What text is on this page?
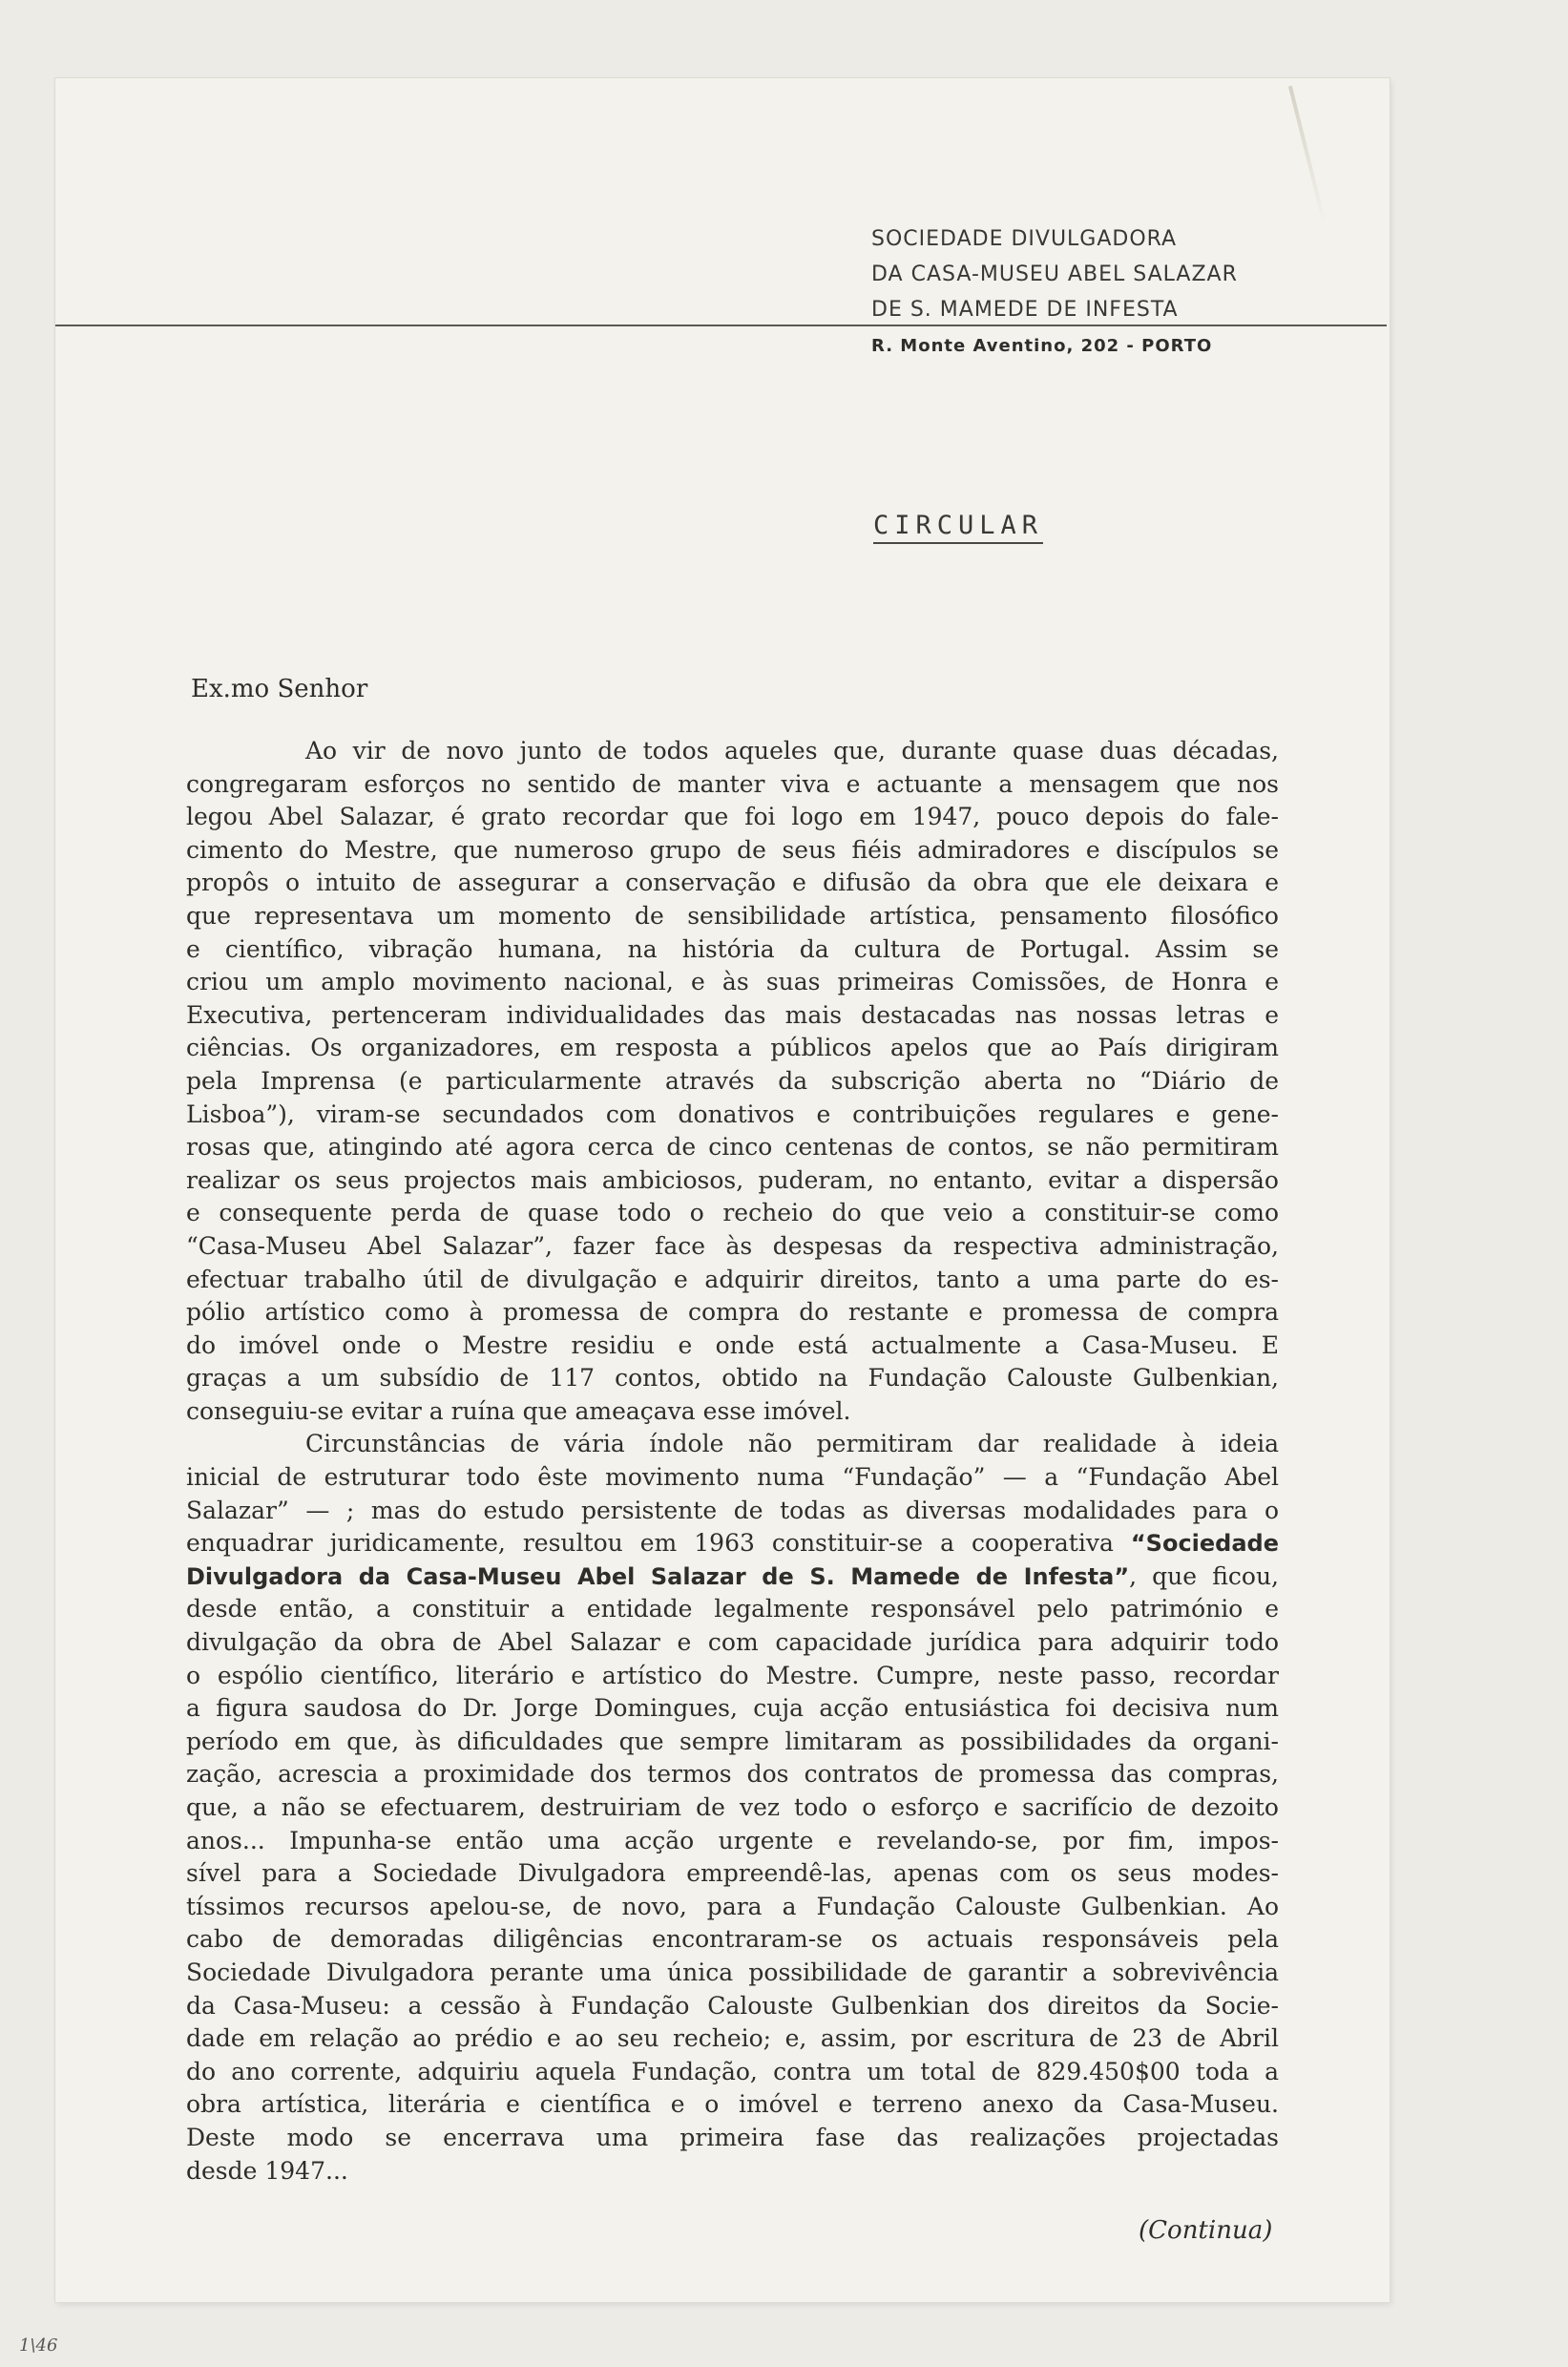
SOCIEDADE DIVULGADORA
DA CASA-MUSEU ABEL SALAZAR
DE S. MAMEDE DE INFESTA
R. Monte Aventino, 202 - PORTO
CIRCULAR
Ex.mo Senhor
Ao vir de novo junto de todos aqueles que, durante quase duas décadas,
congregaram esforços no sentido de manter viva e actuante a mensagem que nos
legou Abel Salazar, é grato recordar que foi logo em 1947, pouco depois do fale-
cimento do Mestre, que numeroso grupo de seus fiéis admiradores e discípulos se
propôs o intuito de assegurar a conservação e difusão da obra que ele deixara e
que representava um momento de sensibilidade artística, pensamento filosófico
e científico, vibração humana, na história da cultura de Portugal. Assim se
criou um amplo movimento nacional, e às suas primeiras Comissões, de Honra e
Executiva, pertenceram individualidades das mais destacadas nas nossas letras e
ciências. Os organizadores, em resposta a públicos apelos que ao País dirigiram
pela Imprensa (e particularmente através da subscrição aberta no “Diário de
Lisboa”), viram-se secundados com donativos e contribuições regulares e gene-
rosas que, atingindo até agora cerca de cinco centenas de contos, se não permitiram
realizar os seus projectos mais ambiciosos, puderam, no entanto, evitar a dispersão
e consequente perda de quase todo o recheio do que veio a constituir-se como
“Casa-Museu Abel Salazar”, fazer face às despesas da respectiva administração,
efectuar trabalho útil de divulgação e adquirir direitos, tanto a uma parte do es-
pólio artístico como à promessa de compra do restante e promessa de compra
do imóvel onde o Mestre residiu e onde está actualmente a Casa-Museu. E
graças a um subsídio de 117 contos, obtido na Fundação Calouste Gulbenkian,
conseguiu-se evitar a ruína que ameaçava esse imóvel.
Circunstâncias de vária índole não permitiram dar realidade à ideia
inicial de estruturar todo êste movimento numa “Fundação” — a “Fundação Abel
Salazar” — ; mas do estudo persistente de todas as diversas modalidades para o
enquadrar juridicamente, resultou em 1963 constituir-se a cooperativa “Sociedade
Divulgadora da Casa-Museu Abel Salazar de S. Mamede de Infesta”, que ficou,
desde então, a constituir a entidade legalmente responsável pelo património e
divulgação da obra de Abel Salazar e com capacidade jurídica para adquirir todo
o espólio científico, literário e artístico do Mestre. Cumpre, neste passo, recordar
a figura saudosa do Dr. Jorge Domingues, cuja acção entusiástica foi decisiva num
período em que, às dificuldades que sempre limitaram as possibilidades da organi-
zação, acrescia a proximidade dos termos dos contratos de promessa das compras,
que, a não se efectuarem, destruiriam de vez todo o esforço e sacrifício de dezoito
anos... Impunha-se então uma acção urgente e revelando-se, por fim, impos-
sível para a Sociedade Divulgadora empreendê-las, apenas com os seus modes-
tíssimos recursos apelou-se, de novo, para a Fundação Calouste Gulbenkian. Ao
cabo de demoradas diligências encontraram-se os actuais responsáveis pela
Sociedade Divulgadora perante uma única possibilidade de garantir a sobrevivência
da Casa-Museu: a cessão à Fundação Calouste Gulbenkian dos direitos da Socie-
dade em relação ao prédio e ao seu recheio; e, assim, por escritura de 23 de Abril
do ano corrente, adquiriu aquela Fundação, contra um total de 829.450$00 toda a
obra artística, literária e científica e o imóvel e terreno anexo da Casa-Museu.
Deste modo se encerrava uma primeira fase das realizações projectadas
desde 1947...
(Continua)
1\46
